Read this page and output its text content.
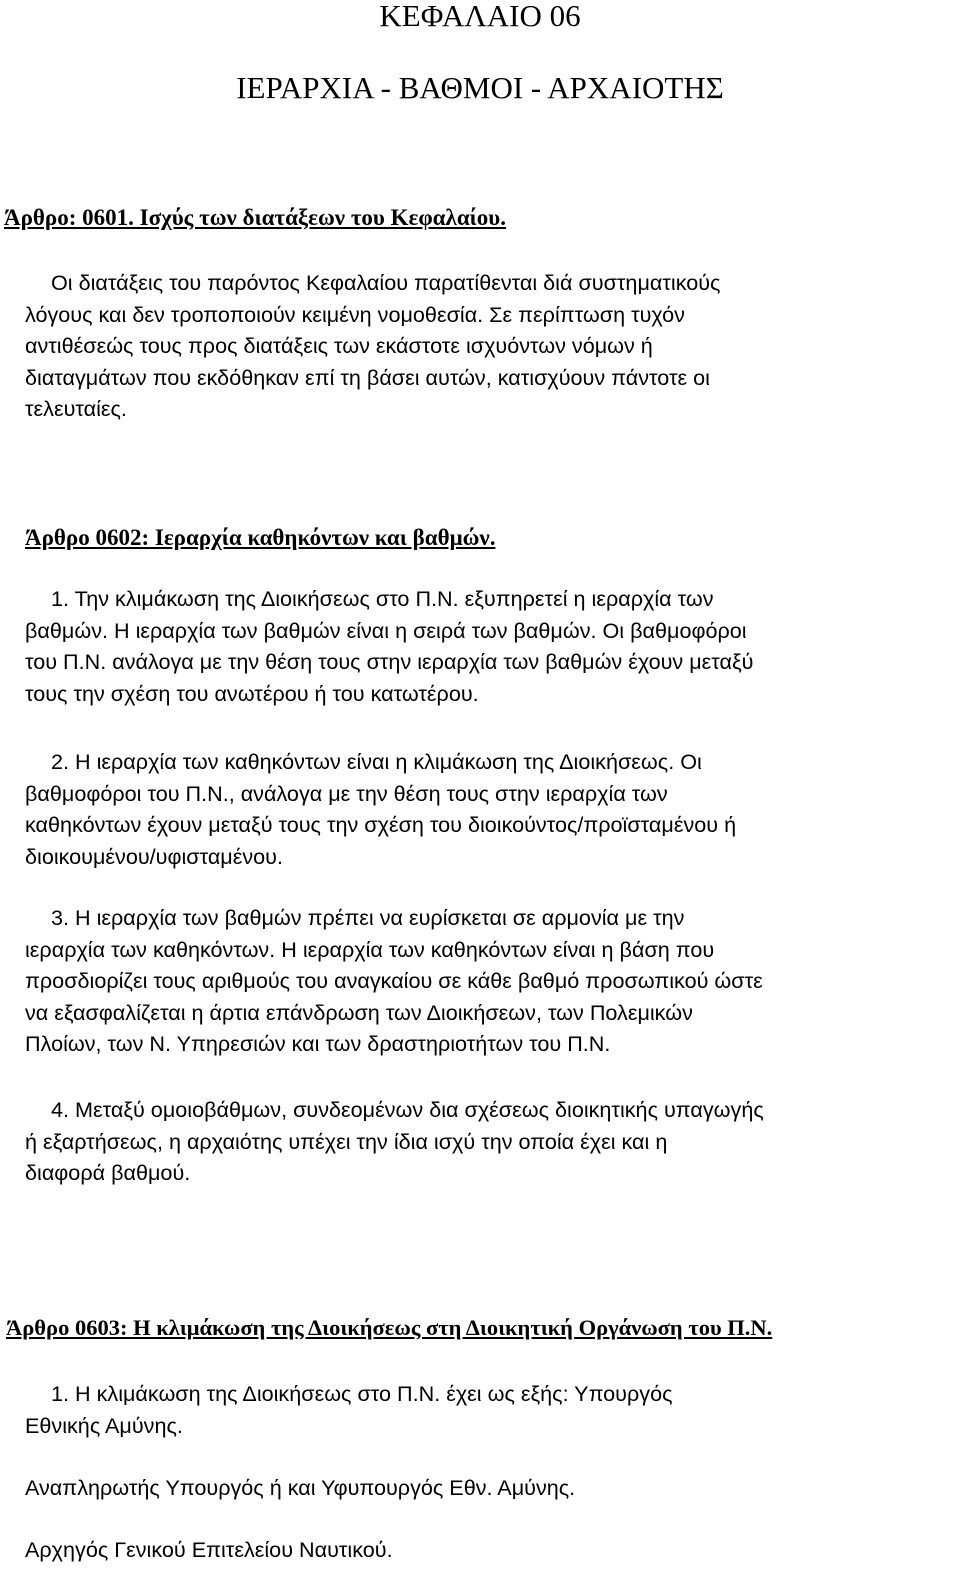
ΚΕΦΑΛΑΙΟ 06
ΙΕΡΑΡΧΙΑ - ΒΑΘΜΟΙ - ΑΡΧΑΙΟΤΗΣ
Άρθρο: 0601. Ισχύς των διατάξεων του Κεφαλαίου.
Οι διατάξεις του παρόντος Κεφαλαίου παρατίθενται διά συστηματικούς
λόγους και δεν τροποποιούν κειμένη νομοθεσία. Σε περίπτωση τυχόν
αντιθέσεώς τους προς διατάξεις των εκάστοτε ισχυόντων νόμων ή
διαταγμάτων που εκδόθηκαν επί τη βάσει αυτών, κατισχύουν πάντοτε οι
τελευταίες.
Άρθρο 0602: Ιεραρχία καθηκόντων και βαθμών.
1. Την κλιμάκωση της Διοικήσεως στο Π.Ν. εξυπηρετεί η ιεραρχία των
βαθμών. Η ιεραρχία των βαθμών είναι η σειρά των βαθμών. Οι βαθμοφόροι
του Π.Ν. ανάλογα με την θέση τους στην ιεραρχία των βαθμών έχουν μεταξύ
τους την σχέση του ανωτέρου ή του κατωτέρου.
2. Η ιεραρχία των καθηκόντων είναι η κλιμάκωση της Διοικήσεως. Οι
βαθμοφόροι του Π.Ν., ανάλογα με την θέση τους στην ιεραρχία των
καθηκόντων έχουν μεταξύ τους την σχέση του διοικούντος/προϊσταμένου ή
διοικουμένου/υφισταμένου.
3. Η ιεραρχία των βαθμών πρέπει να ευρίσκεται σε αρμονία με την
ιεραρχία των καθηκόντων. Η ιεραρχία των καθηκόντων είναι η βάση που
προσδιορίζει τους αριθμούς του αναγκαίου σε κάθε βαθμό προσωπικού ώστε
να εξασφαλίζεται η άρτια επάνδρωση των Διοικήσεων, των Πολεμικών
Πλοίων, των Ν. Υπηρεσιών και των δραστηριοτήτων του Π.Ν.
4. Μεταξύ ομοιοβάθμων, συνδεομένων δια σχέσεως διοικητικής υπαγωγής
ή εξαρτήσεως, η αρχαιότης υπέχει την ίδια ισχύ την οποία έχει και η
διαφορά βαθμού.
Άρθρο 0603: Η κλιμάκωση της Διοικήσεως στη Διοικητική Οργάνωση του Π.Ν.
1. Η κλιμάκωση της Διοικήσεως στο Π.Ν. έχει ως εξής: Υπουργός
Εθνικής Αμύνης.
Αναπληρωτής Υπουργός ή και Υφυπουργός Εθν. Αμύνης.
Αρχηγός Γενικού Επιτελείου Ναυτικού.
